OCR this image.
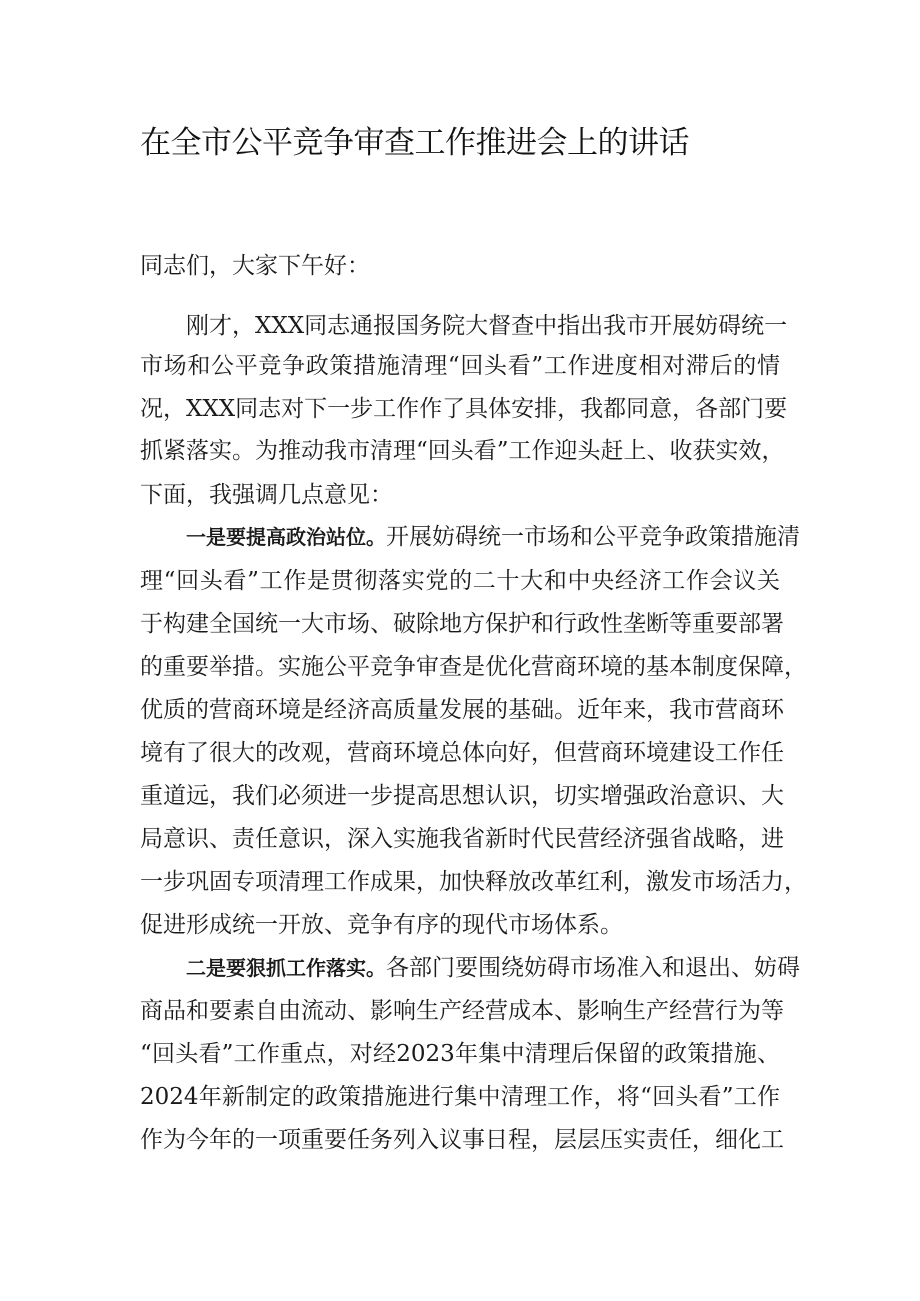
在全市公平竞争审查工作推进会上的讲话
同志们，大家下午好：
刚才，XXX同志通报国务院大督查中指出我市开展妨碍统一
市场和公平竞争政策措施清理“回头看”工作进度相对滞后的情
况，XXX同志对下一步工作作了具体安排，我都同意，各部门要
抓紧落实。为推动我市清理“回头看”工作迎头赶上、收获实效，
下面，我强调几点意见：
一是要提高政治站位。开展妨碍统一市场和公平竞争政策措施清
理“回头看”工作是贯彻落实党的二十大和中央经济工作会议关
于构建全国统一大市场、破除地方保护和行政性垄断等重要部署
的重要举措。实施公平竞争审查是优化营商环境的基本制度保障，
优质的营商环境是经济高质量发展的基础。近年来，我市营商环
境有了很大的改观，营商环境总体向好，但营商环境建设工作任
重道远，我们必须进一步提高思想认识，切实增强政治意识、大
局意识、责任意识，深入实施我省新时代民营经济强省战略，进
一步巩固专项清理工作成果，加快释放改革红利，激发市场活力，
促进形成统一开放、竞争有序的现代市场体系。
二是要狠抓工作落实。各部门要围绕妨碍市场准入和退出、妨碍
商品和要素自由流动、影响生产经营成本、影响生产经营行为等
“回头看”工作重点，对经2023年集中清理后保留的政策措施、
2024年新制定的政策措施进行集中清理工作，将“回头看”工作
作为今年的一项重要任务列入议事日程，层层压实责任，细化工
